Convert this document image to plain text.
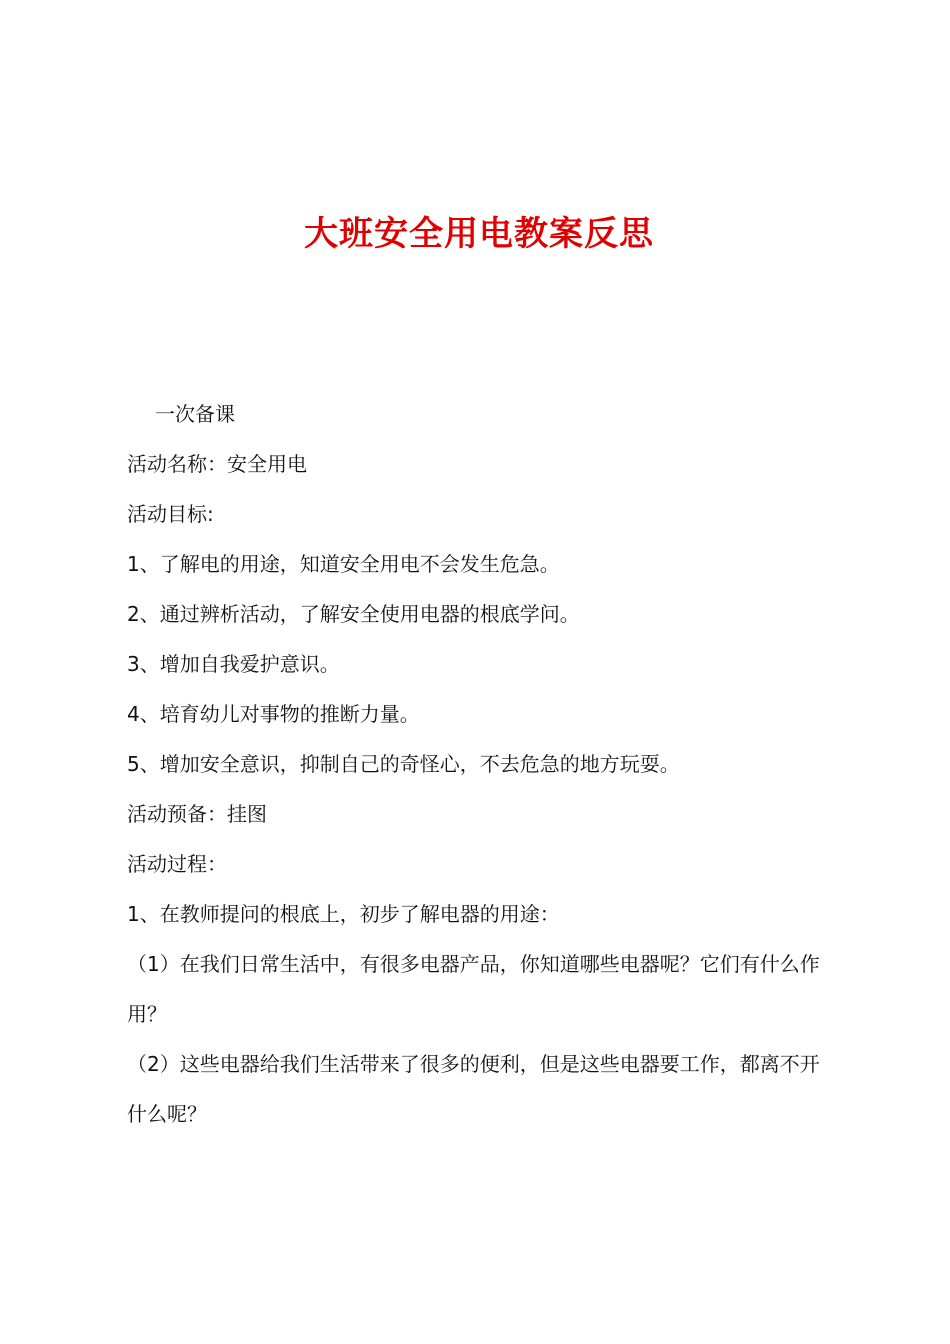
大班安全用电教案反思

一次备课

活动名称：安全用电

活动目标:

1、了解电的用途，知道安全用电不会发生危急。

2、通过辨析活动，了解安全使用电器的根底学问。

3、增加自我爱护意识。

4、培育幼儿对事物的推断力量。

5、增加安全意识，抑制自己的奇怪心，不去危急的地方玩耍。

活动预备：挂图

活动过程：

1、在教师提问的根底上，初步了解电器的用途：

（1）在我们日常生活中，有很多电器产品，你知道哪些电器呢？它们有什么作用？

（2）这些电器给我们生活带来了很多的便利，但是这些电器要工作，都离不开什么呢？
